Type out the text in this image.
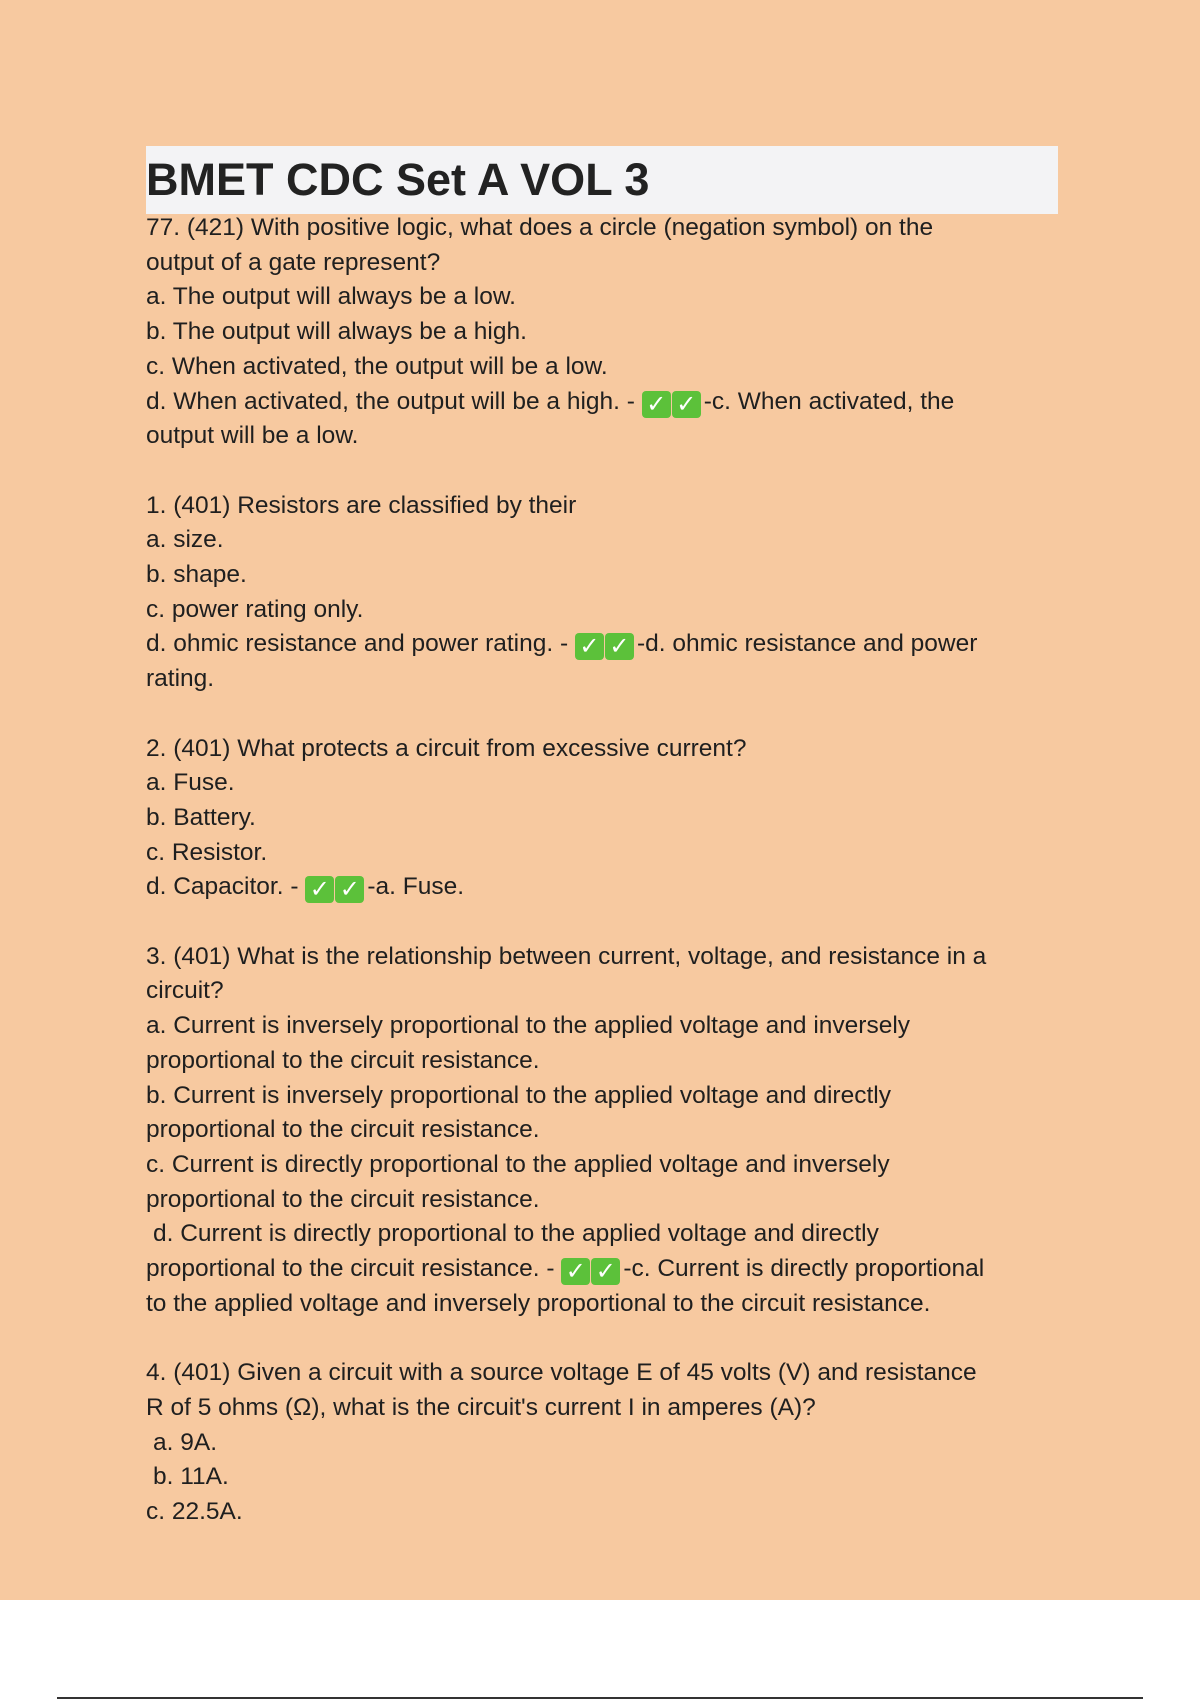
BMET CDC Set A VOL 3
77. (421) With positive logic, what does a circle (negation symbol) on the
output of a gate represent?
a. The output will always be a low.
b. The output will always be a high.
c. When activated, the output will be a low.
d. When activated, the output will be a high. - ✓ ✓ -c. When activated, the
output will be a low.
1. (401) Resistors are classified by their
a. size.
b. shape.
c. power rating only.
d. ohmic resistance and power rating. - ✓ ✓ -d. ohmic resistance and power
rating.
2. (401) What protects a circuit from excessive current?
a. Fuse.
b. Battery.
c. Resistor.
d. Capacitor. - ✓ ✓ -a. Fuse.
3. (401) What is the relationship between current, voltage, and resistance in a
circuit?
a. Current is inversely proportional to the applied voltage and inversely
proportional to the circuit resistance.
b. Current is inversely proportional to the applied voltage and directly
proportional to the circuit resistance.
c. Current is directly proportional to the applied voltage and inversely
proportional to the circuit resistance.
d. Current is directly proportional to the applied voltage and directly
proportional to the circuit resistance. - ✓ ✓ -c. Current is directly proportional
to the applied voltage and inversely proportional to the circuit resistance.
4. (401) Given a circuit with a source voltage E of 45 volts (V) and resistance
R of 5 ohms (Ω), what is the circuit's current I in amperes (A)?
a. 9A.
b. 11A.
c. 22.5A.
